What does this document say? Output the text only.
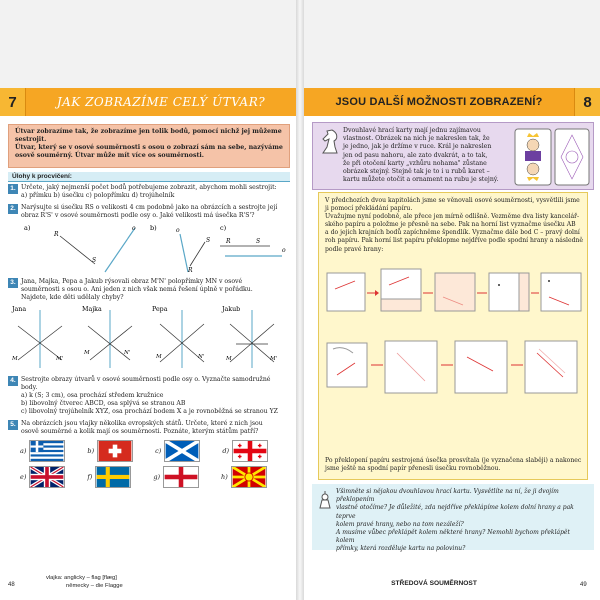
7	JAK ZOBRAZÍME CELÝ ÚTVAR?
Útvar zobrazíme tak, že zobrazíme jen tolik bodů, pomocí nichž jej můžeme
sestrojit.
Útvar, který se v osové souměrnosti s osou o zobrazí sám na sebe, nazýváme
osově souměrný. Útvar může mít více os souměrnosti.
Úlohy k procvičení:
1. Určete, jaký nejmenší počet bodů potřebujeme zobrazit, abychom mohli sestrojit:
a) přímku b) úsečku c) polopřímku d) trojúhelník
2. Narýsujte si úsečku RS o velikosti 4 cm podobně jako na obrázcích a sestrojte její
obraz R'S' v osové souměrnosti podle osy o. Jaké velikosti má úsečka R'S'?
a)
R
S
o b)	o
R
S
c)
R	S
o
3. Jana, Majka, Pepa a Jakub rýsovali obraz M'N' polopřímky MN v osové
souměrnosti s osou o. Ani jeden z nich však nemá řešení úplně v pořádku.
Najdete, kde děti udělaly chyby?
Jana
M	M'
Majka
M	N'
Pepa
M	N'
Jakub
M	M'
4. Sestrojte obrazy útvarů v osové souměrnosti podle osy o. Vyznačte samodružné
body.
a) k (S; 3 cm), osa prochází středem kružnice
b) libovolný čtverec ABCD, osa splývá se stranou AB
c) libovolný trojúhelník XYZ, osa prochází bodem X a je rovnoběžná se stranou YZ
5. Na obrázcích jsou vlajky několika evropských států. Určete, které z nich jsou
osově souměrné a kolik mají os souměrnosti. Poznáte, kterým státům patří?
a)	b)	c)	d)
e)	f)	g)	h)
48
vlajka: anglicky – flag [flæg]
německy – die Flagge
JSOU DALŠÍ MOŽNOSTI ZOBRAZENÍ?	8
Dvouhlavé hrací karty mají jednu zajímavou
vlastnost. Obrázek na nich je nakreslen tak, že
je jedno, jak je držíme v ruce. Král je nakreslen
jen od pasu nahoru, ale zato dvakrát, a to tak,
že při otočení karty „vzhůru nohama" zůstane
obrázek stejný. Stejně tak je to i u rubů karet –
kartu můžete otočit a ornament na rubu je stejný.
V předchozích dvou kapitolách jsme se věnovali osové souměrnosti, vysvětlili jsme
ji pomocí překládání papíru.
Uvažujme nyní podobně, ale přece jen mírně odlišně. Vezměme dva listy kancelář-
ského papíru a položme je přesně na sebe. Pak na horní list vyznačme úsečku AB
a do jejich krajních bodů zapíchněme špendlík. Vyznačme dále bod C – pravý dolní
roh papíru. Pak horní list papíru překlopme nejdříve podle spodní hrany a následně
podle pravé hrany:
Po překlopení papíru sestrojená úsečka prosvítala (je vyznačena slaběji) a nakonec
jsme ještě na spodní papír přenesli úsečku rovnoběžnou.
Všimněte si nějakou dvouhlavou hrací kartu. Vysvětlíte na ní, že ji dvojím překlopením
vlastně otočíme? Je důležité, zda nejdříve překlápíme kolem dolní hrany a pak teprve
kolem pravé hrany, nebo na tom nezáleží?
A musíme vůbec překlápět kolem některé hrany? Nemohli bychom překlápět kolem
přímky, která rozděluje kartu na polovinu?
STŘEDOVÁ SOUMĚRNOST	49
